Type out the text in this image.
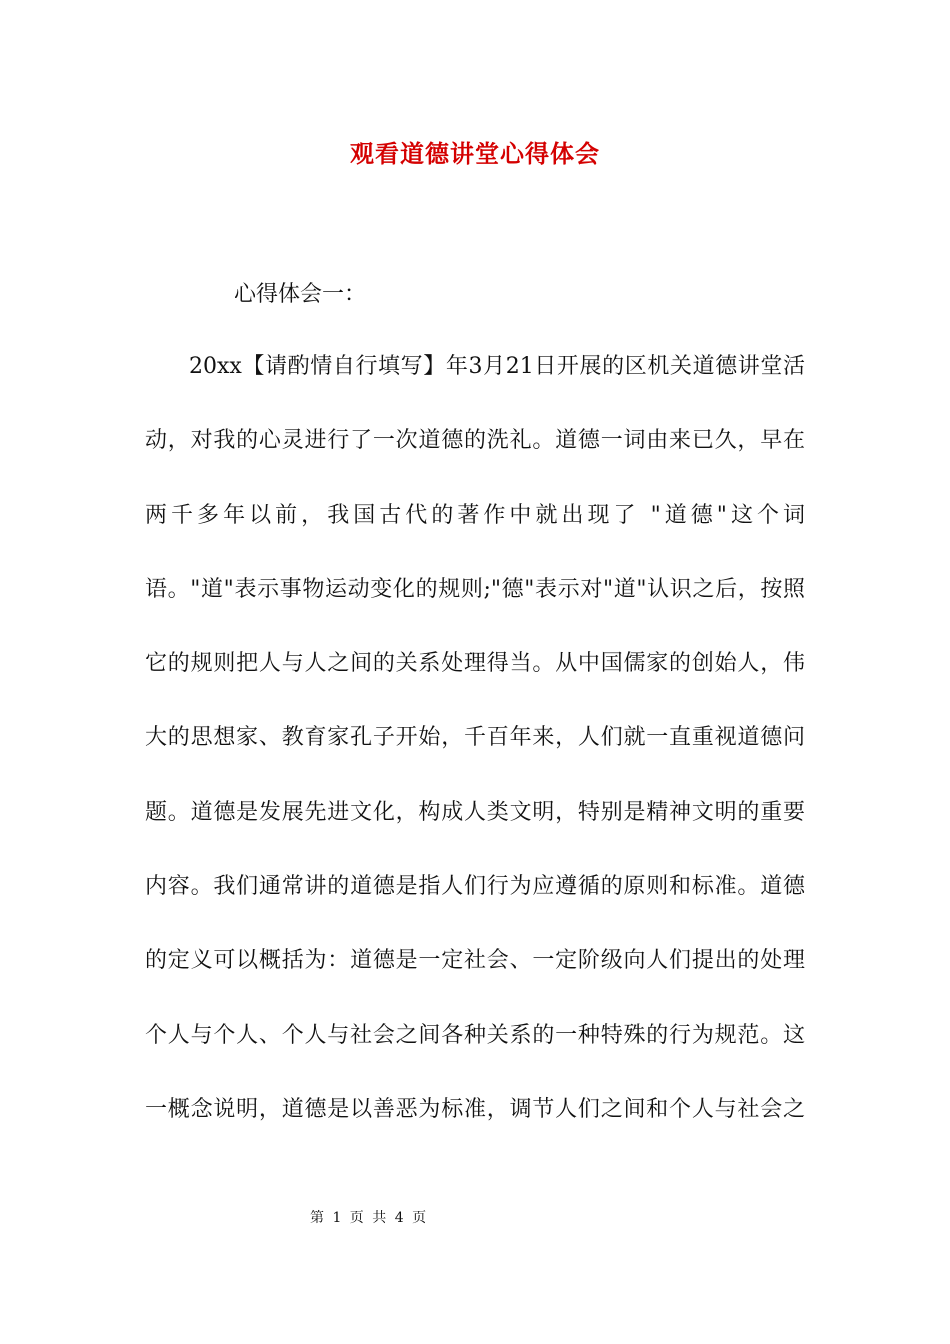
观看道德讲堂心得体会
心得体会一：
20xx【请酌情自行填写】年3月21日开展的区机关道德讲堂活
动，对我的心灵进行了一次道德的洗礼。道德一词由来已久，早在
两千多年以前，我国古代的著作中就出现了 "道德"这个词
语。"道"表示事物运动变化的规则;"德"表示对"道"认识之后，按照
它的规则把人与人之间的关系处理得当。从中国儒家的创始人，伟
大的思想家、教育家孔子开始，千百年来，人们就一直重视道德问
题。道德是发展先进文化，构成人类文明，特别是精神文明的重要
内容。我们通常讲的道德是指人们行为应遵循的原则和标准。道德
的定义可以概括为：道德是一定社会、一定阶级向人们提出的处理
个人与个人、个人与社会之间各种关系的一种特殊的行为规范。这
一概念说明，道德是以善恶为标准，调节人们之间和个人与社会之
第 1 页 共 4 页
